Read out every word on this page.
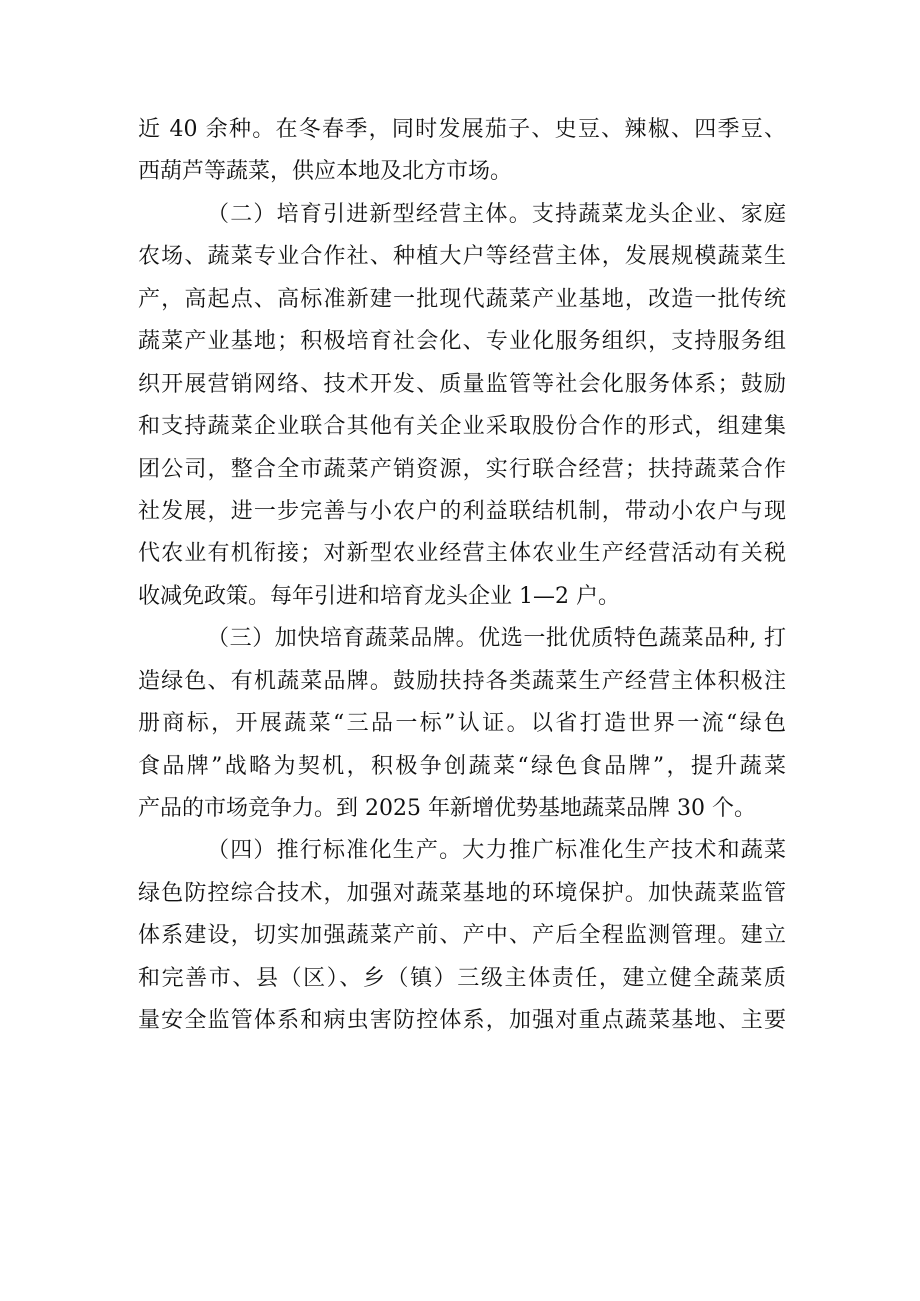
近 40 余种。在冬春季，同时发展茄子、史豆、辣椒、四季豆、
西葫芦等蔬菜，供应本地及北方市场。
（二）培育引进新型经营主体。支持蔬菜龙头企业、家庭
农场、蔬菜专业合作社、种植大户等经营主体，发展规模蔬菜生
产，高起点、高标准新建一批现代蔬菜产业基地，改造一批传统
蔬菜产业基地；积极培育社会化、专业化服务组织，支持服务组
织开展营销网络、技术开发、质量监管等社会化服务体系；鼓励
和支持蔬菜企业联合其他有关企业采取股份合作的形式，组建集
团公司，整合全市蔬菜产销资源，实行联合经营；扶持蔬菜合作
社发展，进一步完善与小农户的利益联结机制，带动小农户与现
代农业有机衔接；对新型农业经营主体农业生产经营活动有关税
收减免政策。每年引进和培育龙头企业 1—2 户。
（三）加快培育蔬菜品牌。优选一批优质特色蔬菜品种, 打
造绿色、有机蔬菜品牌。鼓励扶持各类蔬菜生产经营主体积极注
册商标，开展蔬菜“三品一标”认证。以省打造世界一流“绿色
食品牌”战略为契机，积极争创蔬菜“绿色食品牌”，提升蔬菜
产品的市场竞争力。到 2025 年新增优势基地蔬菜品牌 30 个。
（四）推行标准化生产。大力推广标准化生产技术和蔬菜
绿色防控综合技术，加强对蔬菜基地的环境保护。加快蔬菜监管
体系建设，切实加强蔬菜产前、产中、产后全程监测管理。建立
和完善市、县（区）、乡（镇）三级主体责任，建立健全蔬菜质
量安全监管体系和病虫害防控体系，加强对重点蔬菜基地、主要
